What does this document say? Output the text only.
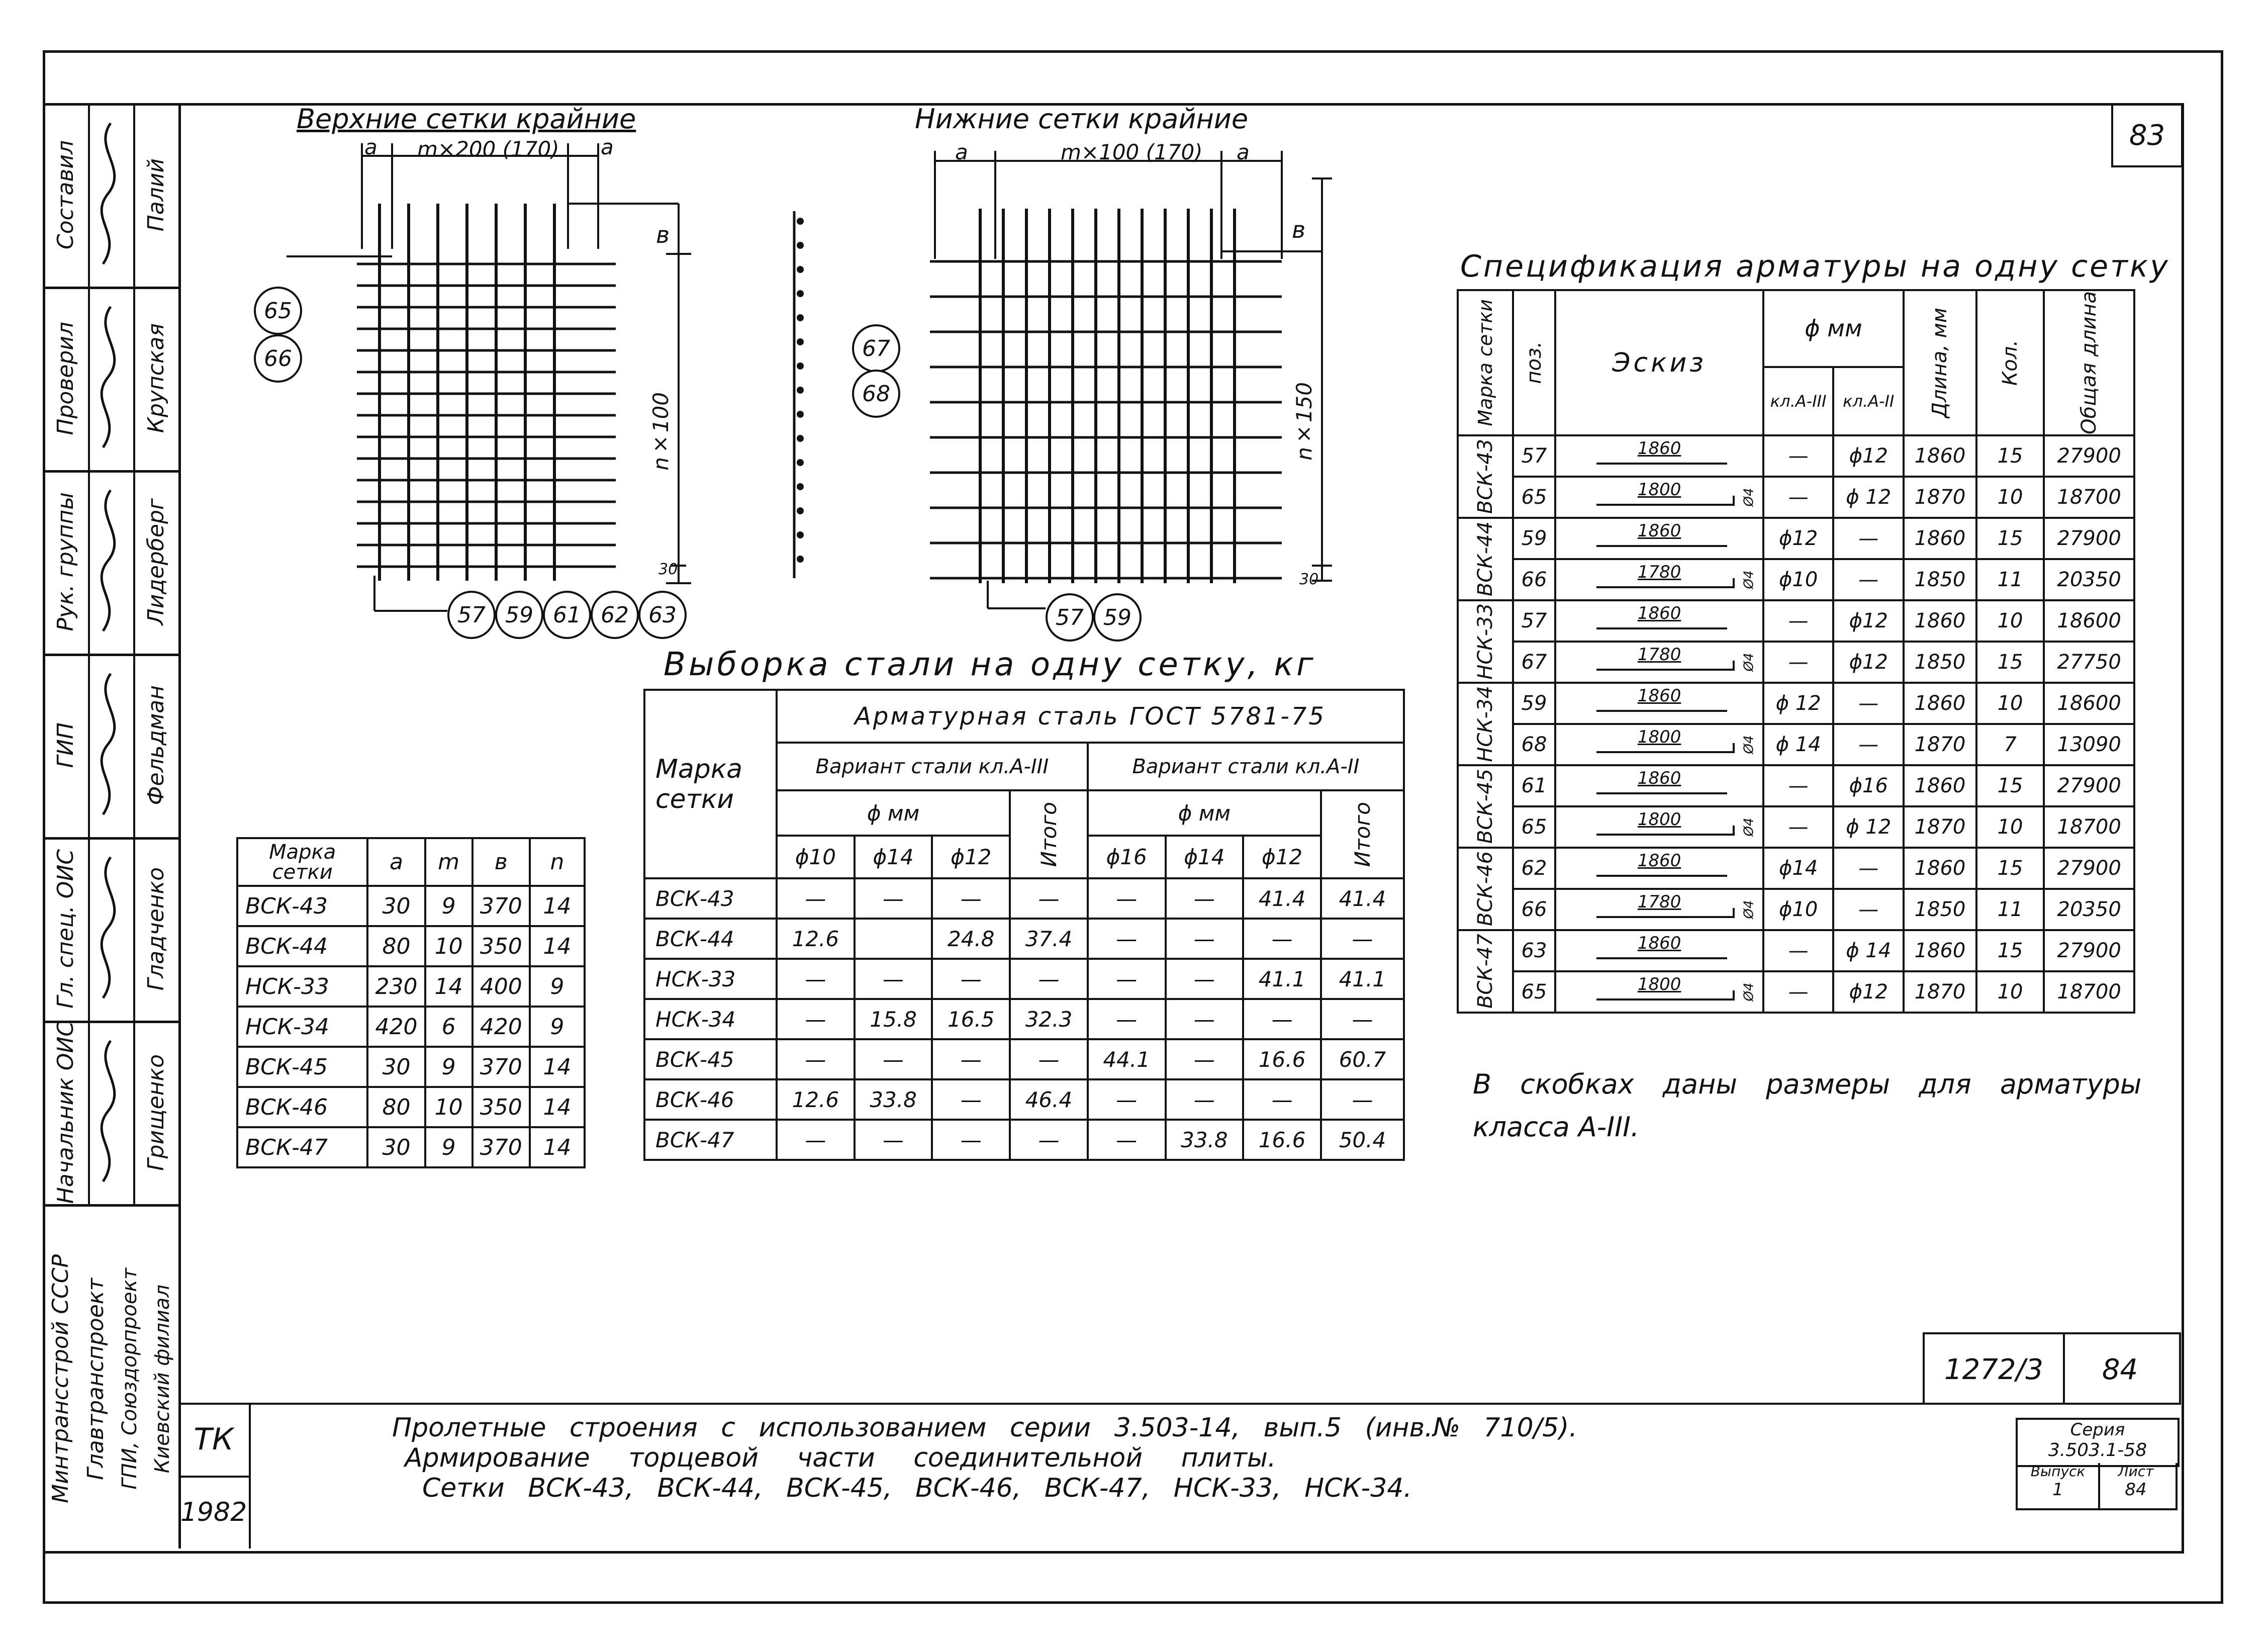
Составил	Палий
Проверил	Крупская
Рук. группы	Лидерберг
ГИП	Фельдман
Гл. спец. ОИС	Гладченко
Начальник ОИС	Грищенко
Минтрансстрой СССР Главтранспроект ГПИ, Союздорпроект Киевский филиал
83
Верхние сетки крайние
m×200 (170)
a	a
в
n×100
30
65
66
57 59 61 62 63
Нижние сетки крайние
m×100 (170)
a	a
в
n×150
30
67
68
57 59
Марка сетки	a	m	в	n
ВСК-43	30	9	370	14
ВСК-44	80	10	350	14
НСК-33	230	14	400	9
НСК-34	420	6	420	9
ВСК-45	30	9	370	14
ВСК-46	80	10	350	14
ВСК-47	30	9	370	14
Выборка стали на одну сетку, кг
Марка сетки	Арматурная сталь ГОСТ 5781-75							
	Вариант стали кл.А-III				Вариант стали кл.А-II			
	ϕ мм			Итого	ϕ мм			Итого

	ϕ10	ϕ14	ϕ12		ϕ16	ϕ14	ϕ12	
ВСК-43	—	—	—	—	—	—	41.4	41.4
ВСК-44	12.6		24.8	37.4	—	—	—	—
НСК-33	—	—	—	—	—	—	41.1	41.1
НСК-34	—	15.8	16.5	32.3	—	—	—	—
ВСК-45	—	—	—	—	44.1	—	16.6	60.7
ВСК-46	12.6	33.8	—	46.4	—	—	—	—
ВСК-47	—	—	—	—	—	33.8	16.6	50.4
Спецификация арматуры на одну сетку
Марка сетки	поз.	Эскиз	ϕ мм		Длина, мм	Кол.	Общая длина

			кл.А-III	кл.А-II			

ВСК-43	57	1860	—	ϕ12	1860	15	27900
	65	1800 Ø4	—	ϕ 12	1870	10	18700

ВСК-44	59	1860	ϕ12	—	1860	15	27900
	66	1780 Ø4	ϕ10	—	1850	11	20350

НСК-33	57	1860	—	ϕ12	1860	10	18600
	67	1780 Ø4	—	ϕ12	1850	15	27750

НСК-34	59	1860	ϕ 12	—	1860	10	18600
	68	1800 Ø4	ϕ 14	—	1870	7	13090

ВСК-45	61	1860	—	ϕ16	1860	15	27900
	65	1800 Ø4	—	ϕ 12	1870	10	18700

ВСК-46	62	1860	ϕ14	—	1860	15	27900
	66	1780 Ø4	ϕ10	—	1850	11	20350

ВСК-47	63	1860	—	ϕ 14	1860	15	27900
	65	1800 Ø4	—	ϕ12	1870	10	18700
В скобках даны размеры для арматуры
класса А-III.
1272/3 84
ТК
1982
Пролетные строения с использованием серии 3.503-14, вып.5 (инв.№ 710/5).
Армирование торцевой части соединительной плиты.
Сетки ВСК-43, ВСК-44, ВСК-45, ВСК-46, ВСК-47, НСК-33, НСК-34.
Серия
3.503.1-58
Выпуск
1
Лист
84
